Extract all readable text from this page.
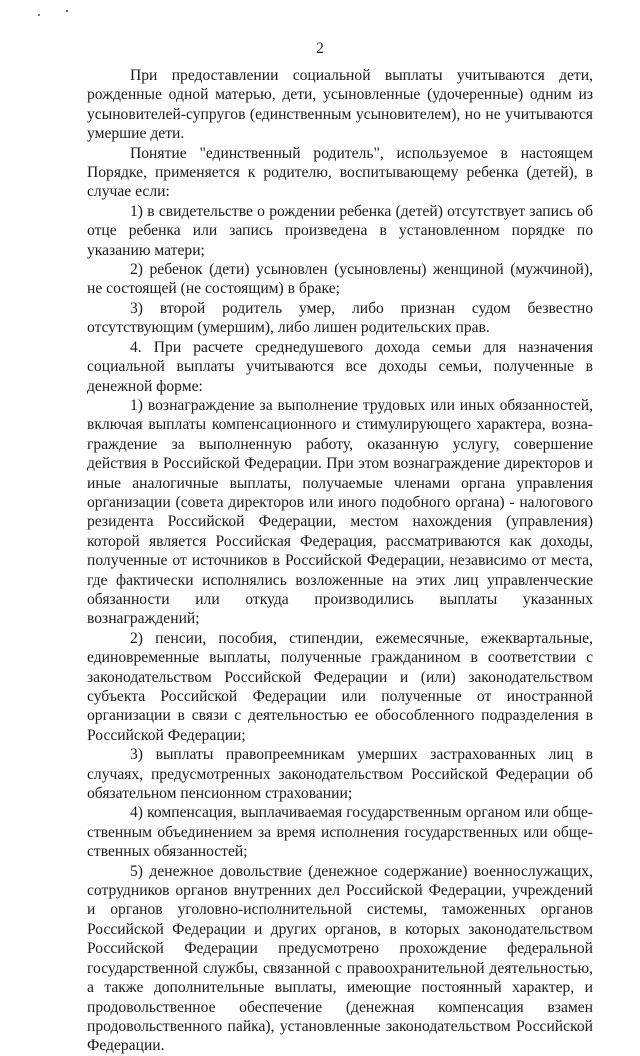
2

При предоставлении социальной выплаты учитываются дети, рожденные одной матерью, дети, усыновленные (удочеренные) одним из усыновителей-супругов (единственным усыновителем), но не учитываются умершие дети.

Понятие "единственный родитель", используемое в настоящем Порядке, применяется к родителю, воспитывающему ребенка (детей), в случае если:

1) в свидетельстве о рождении ребенка (детей) отсутствует запись об отце ребенка или запись произведена в установленном порядке по указанию матери;

2) ребенок (дети) усыновлен (усыновлены) женщиной (мужчиной), не состоящей (не состоящим) в браке;

3) второй родитель умер, либо признан судом безвестно отсутствующим (умершим), либо лишен родительских прав.

4. При расчете среднедушевого дохода семьи для назначения социальной выплаты учитываются все доходы семьи, полученные в денежной форме:

1) вознаграждение за выполнение трудовых или иных обязанностей, включая выплаты компенсационного и стимулирующего характера, вознаграждение за выполненную работу, оказанную услугу, совершение действия в Российской Федерации. При этом вознаграждение директоров и иные аналогичные выплаты, получаемые членами органа управления организации (совета директоров или иного подобного органа) - налогового резидента Российской Федерации, местом нахождения (управления) которой является Российская Федерация, рассматриваются как доходы, полученные от источников в Российской Федерации, независимо от места, где фактически исполнялись возложенные на этих лиц управленческие обязанности или откуда производились выплаты указанных вознаграждений;

2) пенсии, пособия, стипендии, ежемесячные, ежеквартальные, единовременные выплаты, полученные гражданином в соответствии с законодательством Российской Федерации и (или) законодательством субъекта Российской Федерации или полученные от иностранной организации в связи с деятельностью ее обособленного подразделения в Российской Федерации;

3) выплаты правопреемникам умерших застрахованных лиц в случаях, предусмотренных законодательством Российской Федерации об обязательном пенсионном страховании;

4) компенсация, выплачиваемая государственным органом или общественным объединением за время исполнения государственных или общественных обязанностей;

5) денежное довольствие (денежное содержание) военнослужащих, сотрудников органов внутренних дел Российской Федерации, учреждений и органов уголовно-исполнительной системы, таможенных органов Российской Федерации и других органов, в которых законодательством Российской Федерации предусмотрено прохождение федеральной государственной службы, связанной с правоохранительной деятельностью, а также дополнительные выплаты, имеющие постоянный характер, и продовольственное обеспечение (денежная компенсация взамен продовольственного пайка), установленные законодательством Российской Федерации.
